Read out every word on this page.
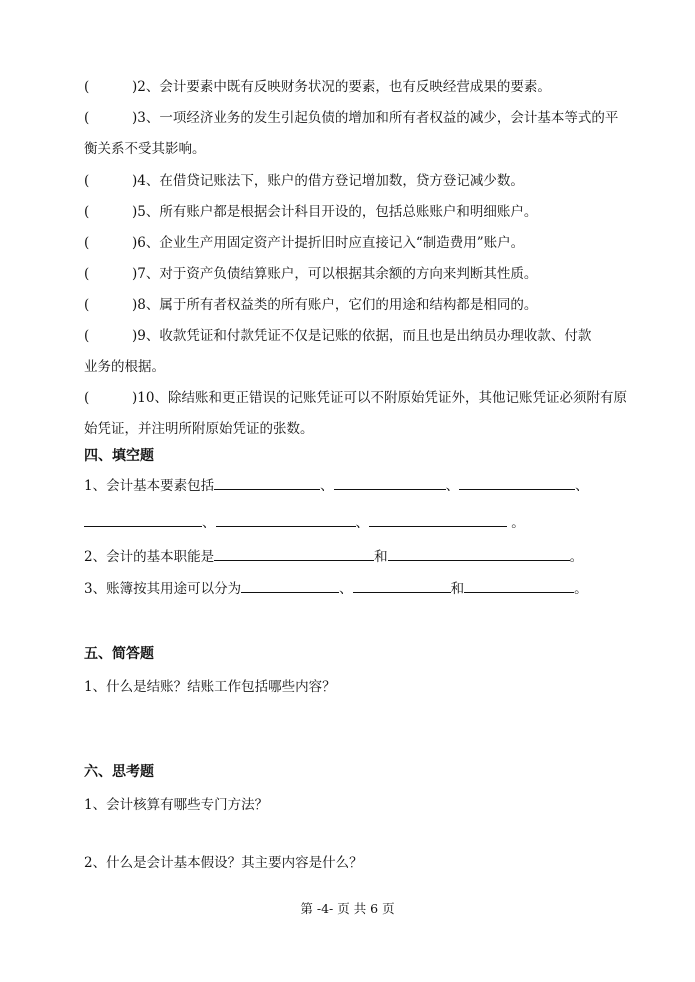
(	)2、会计要素中既有反映财务状况的要素，也有反映经营成果的要素。
(	)3、一项经济业务的发生引起负债的增加和所有者权益的减少，会计基本等式的平
衡关系不受其影响。
(	)4、在借贷记账法下，账户的借方登记增加数，贷方登记减少数。
(	)5、所有账户都是根据会计科目开设的，包括总账账户和明细账户。
(	)6、企业生产用固定资产计提折旧时应直接记入“制造费用”账户。
(	)7、对于资产负债结算账户，可以根据其余额的方向来判断其性质。
(	)8、属于所有者权益类的所有账户，它们的用途和结构都是相同的。
(	)9、收款凭证和付款凭证不仅是记账的依据，而且也是出纳员办理收款、付款
业务的根据。
(	)10、除结账和更正错误的记账凭证可以不附原始凭证外，其他记账凭证必须附有原
始凭证，并注明所附原始凭证的张数。
四、填空题
1、会计基本要素包括	、	、	、
、	、	。
2、会计的基本职能是	和	。
3、账簿按其用途可以分为	、	和	。
五、简答题
1、什么是结账？结账工作包括哪些内容？
六、思考题
1、会计核算有哪些专门方法？
2、什么是会计基本假设？其主要内容是什么？
第 -4- 页 共 6 页
